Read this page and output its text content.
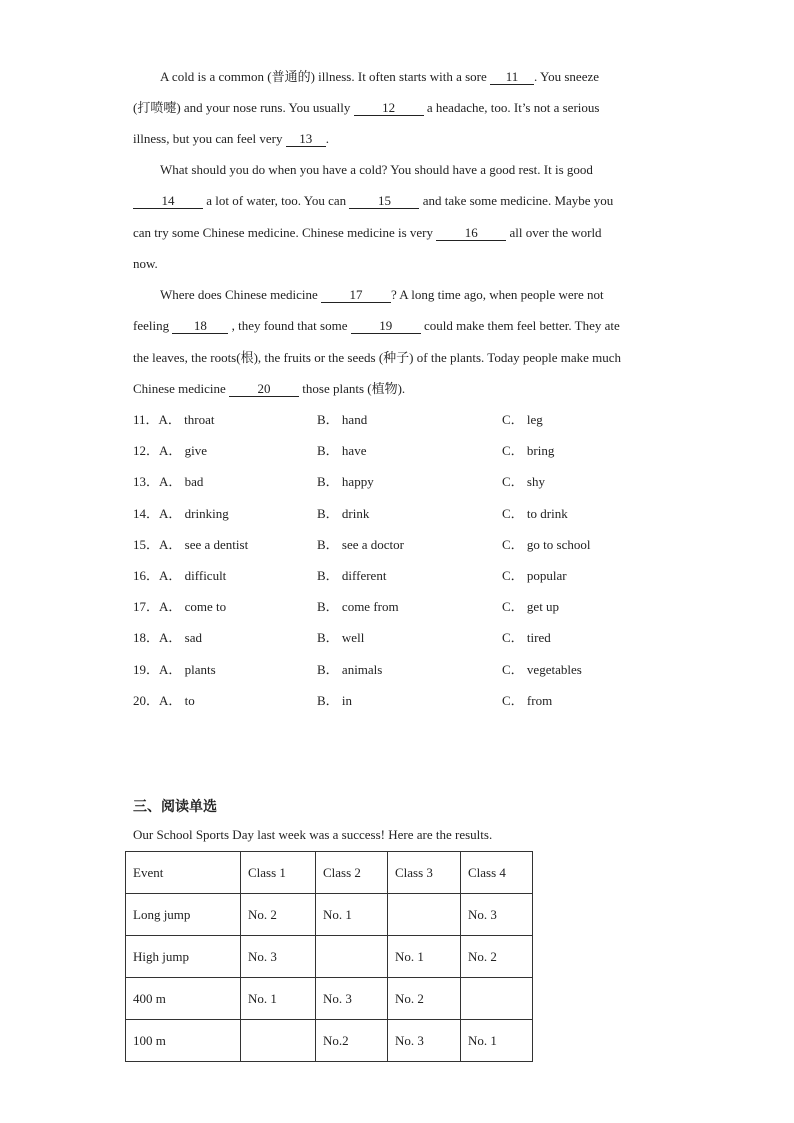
A cold is a common (普通的) illness. It often starts with a sore 11 . You sneeze
(打喷嚏) and your nose runs. You usually 12 a headache, too. It’s not a serious
illness, but you can feel very 13 .
What should you do when you have a cold? You should have a good rest. It is good
14 a lot of water, too. You can 15 and take some medicine. Maybe you
can try some Chinese medicine. Chinese medicine is very 16 all over the world
now.
Where does Chinese medicine 17 ? A long time ago, when people were not
feeling 18 , they found that some 19 could make them feel better. They ate
the leaves, the roots(根), the fruits or the seeds (种子) of the plants. Today people make much
Chinese medicine 20 those plants (植物).
11．A． throat	B． hand	C． leg
12．A． give	B． have	C． bring
13．A． bad	B． happy	C． shy
14．A． drinking	B． drink	C． to drink
15．A． see a dentist	B． see a doctor	C． go to school
16．A． difficult	B． different	C． popular
17．A． come to	B． come from	C． get up
18．A． sad	B． well	C． tired
19．A． plants	B． animals	C． vegetables
20．A． to	B． in	C． from
三、阅读单选
Our School Sports Day last week was a success! Here are the results.
Event	Class 1	Class 2	Class 3	Class 4
Long jump	No. 2	No. 1		No. 3
High jump	No. 3		No. 1	No. 2
400 m	No. 1	No. 3	No. 2	
100 m		No.2	No. 3	No. 1
